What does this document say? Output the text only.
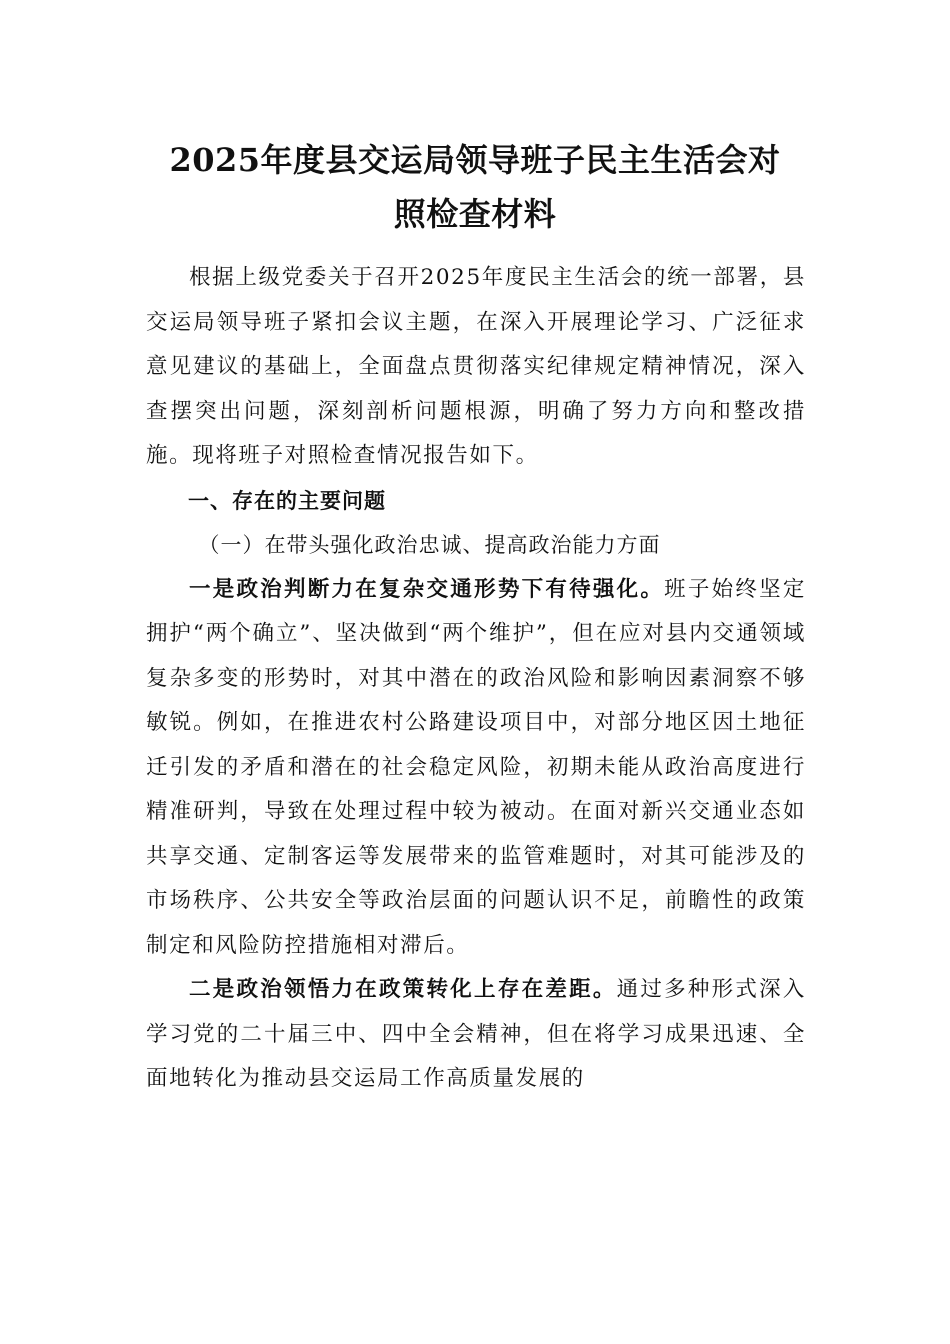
2025年度县交运局领导班子民主生活会对
照检查材料

根据上级党委关于召开2025年度民主生活会的统一部署，县交运局领导班子紧扣会议主题，在深入开展理论学习、广泛征求意见建议的基础上，全面盘点贯彻落实纪律规定精神情况，深入查摆突出问题，深刻剖析问题根源，明确了努力方向和整改措施。现将班子对照检查情况报告如下。

一、存在的主要问题

（一）在带头强化政治忠诚、提高政治能力方面

一是政治判断力在复杂交通形势下有待强化。班子始终坚定拥护“两个确立”、坚决做到“两个维护”，但在应对县内交通领域复杂多变的形势时，对其中潜在的政治风险和影响因素洞察不够敏锐。例如，在推进农村公路建设项目中，对部分地区因土地征迁引发的矛盾和潜在的社会稳定风险，初期未能从政治高度进行精准研判，导致在处理过程中较为被动。在面对新兴交通业态如共享交通、定制客运等发展带来的监管难题时，对其可能涉及的市场秩序、公共安全等政治层面的问题认识不足，前瞻性的政策制定和风险防控措施相对滞后。

二是政治领悟力在政策转化上存在差距。通过多种形式深入学习党的二十届三中、四中全会精神，但在将学习成果迅速、全面地转化为推动县交运局工作高质量发展的
